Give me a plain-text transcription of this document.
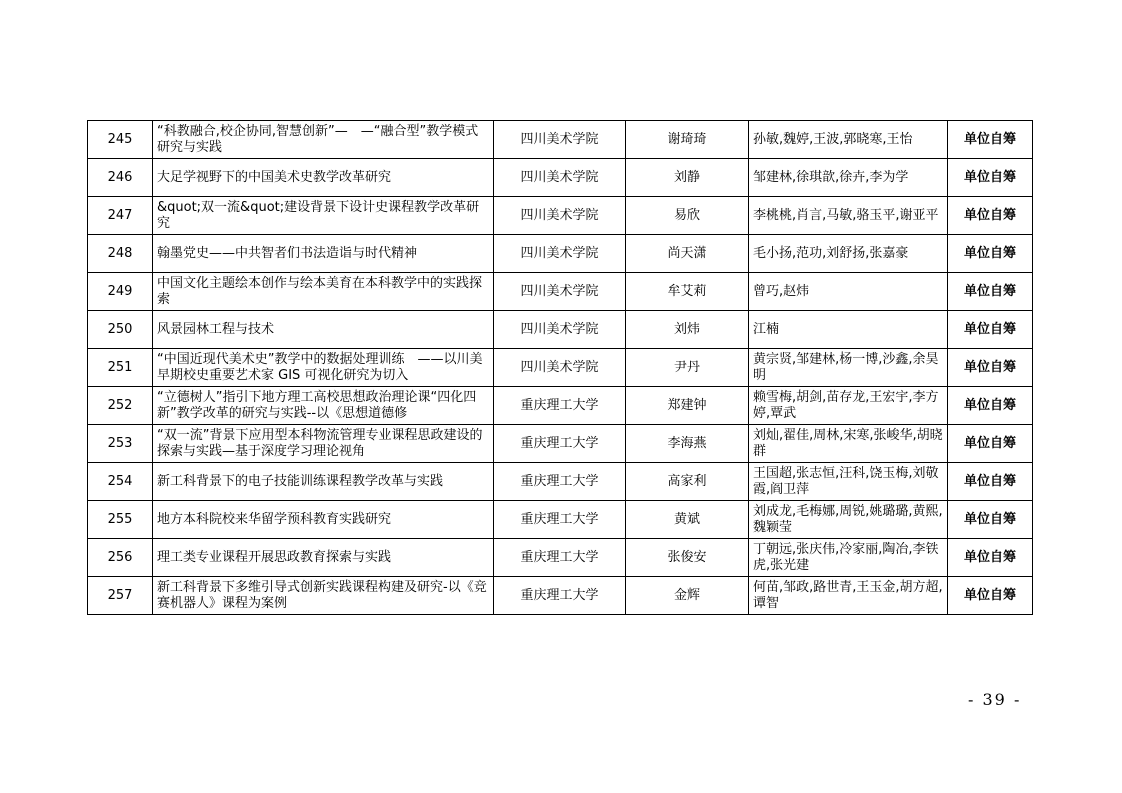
245	“科教融合,校企协同,智慧创新”—　—“融合型”教学模式研究与实践	四川美术学院	谢琦琦	孙敏,魏婷,王波,郭晓寒,王怡	单位自筹
246	大足学视野下的中国美术史教学改革研究	四川美术学院	刘静	邹建林,徐琪歆,徐卉,李为学	单位自筹
247	&quot;双一流&quot;建设背景下设计史课程教学改革研究	四川美术学院	易欣	李桃桃,肖言,马敏,骆玉平,谢亚平	单位自筹
248	翰墨党史——中共智者们书法造诣与时代精神	四川美术学院	尚天潇	毛小扬,范功,刘舒扬,张嘉豪	单位自筹
249	中国文化主题绘本创作与绘本美育在本科教学中的实践探索	四川美术学院	牟艾莉	曾巧,赵炜	单位自筹
250	风景园林工程与技术	四川美术学院	刘炜	江楠	单位自筹
251	“中国近现代美术史”教学中的数据处理训练　——以川美早期校史重要艺术家 GIS 可视化研究为切入	四川美术学院	尹丹	黄宗贤,邹建林,杨一博,沙鑫,余昊明	单位自筹
252	“立德树人”指引下地方理工高校思想政治理论课“四化四新”教学改革的研究与实践--以《思想道德修	重庆理工大学	郑建钟	赖雪梅,胡剑,苗存龙,王宏宇,李方婷,覃武	单位自筹
253	“双一流”背景下应用型本科物流管理专业课程思政建设的探索与实践—基于深度学习理论视角	重庆理工大学	李海燕	刘灿,翟佳,周林,宋寒,张峻华,胡晓群	单位自筹
254	新工科背景下的电子技能训练课程教学改革与实践	重庆理工大学	高家利	王国超,张志恒,汪科,饶玉梅,刘敬霞,阎卫萍	单位自筹
255	地方本科院校来华留学预科教育实践研究	重庆理工大学	黄斌	刘成龙,毛梅娜,周锐,姚璐璐,黄熙,魏颖莹	单位自筹
256	理工类专业课程开展思政教育探索与实践	重庆理工大学	张俊安	丁朝远,张庆伟,冷家丽,陶冶,李铁虎,张光建	单位自筹
257	新工科背景下多维引导式创新实践课程构建及研究-以《竞赛机器人》课程为案例	重庆理工大学	金辉	何苗,邹政,路世青,王玉金,胡方超,谭智	单位自筹
- 39 -
